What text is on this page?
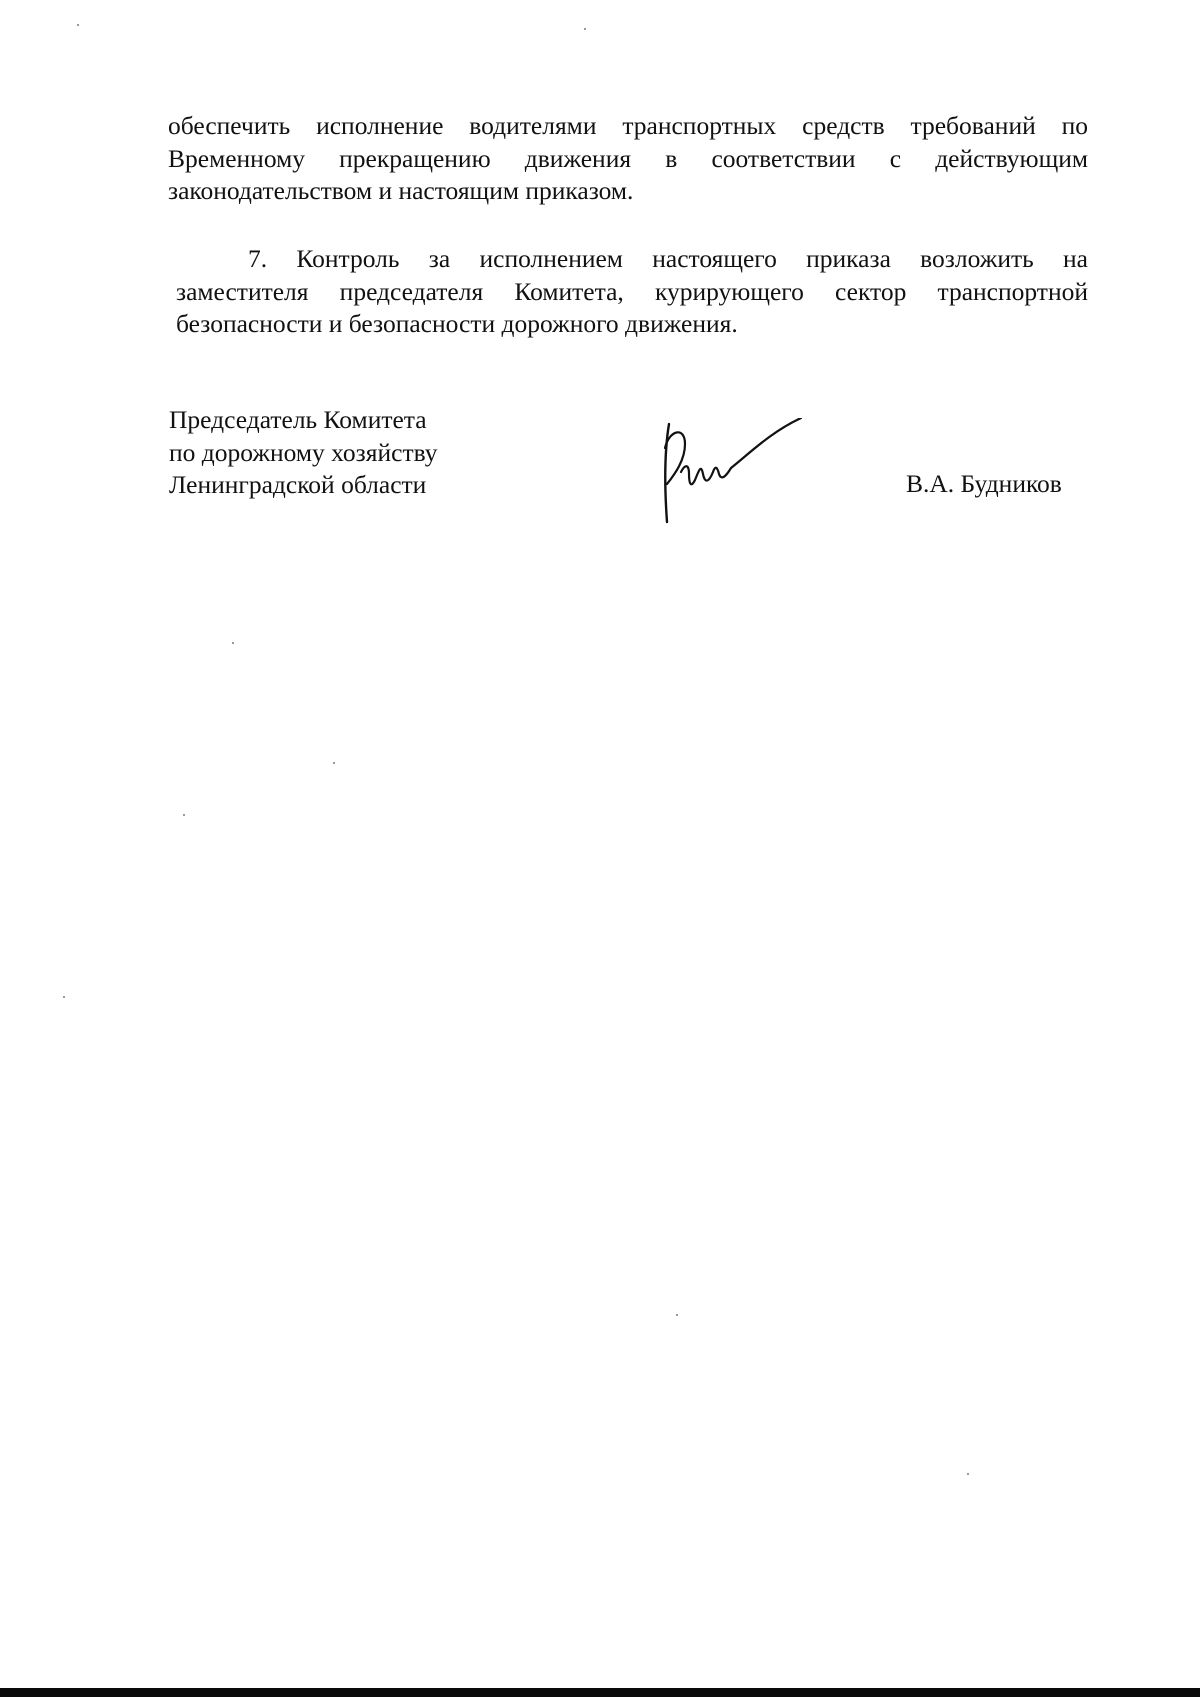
обеспечить исполнение водителями транспортных средств требований по
Временному прекращению движения в соответствии с действующим
законодательством и настоящим приказом.
7. Контроль за исполнением настоящего приказа возложить на
заместителя председателя Комитета, курирующего сектор транспортной
безопасности и безопасности дорожного движения.
Председатель Комитета
по дорожному хозяйству
Ленинградской области	В.А. Будников
